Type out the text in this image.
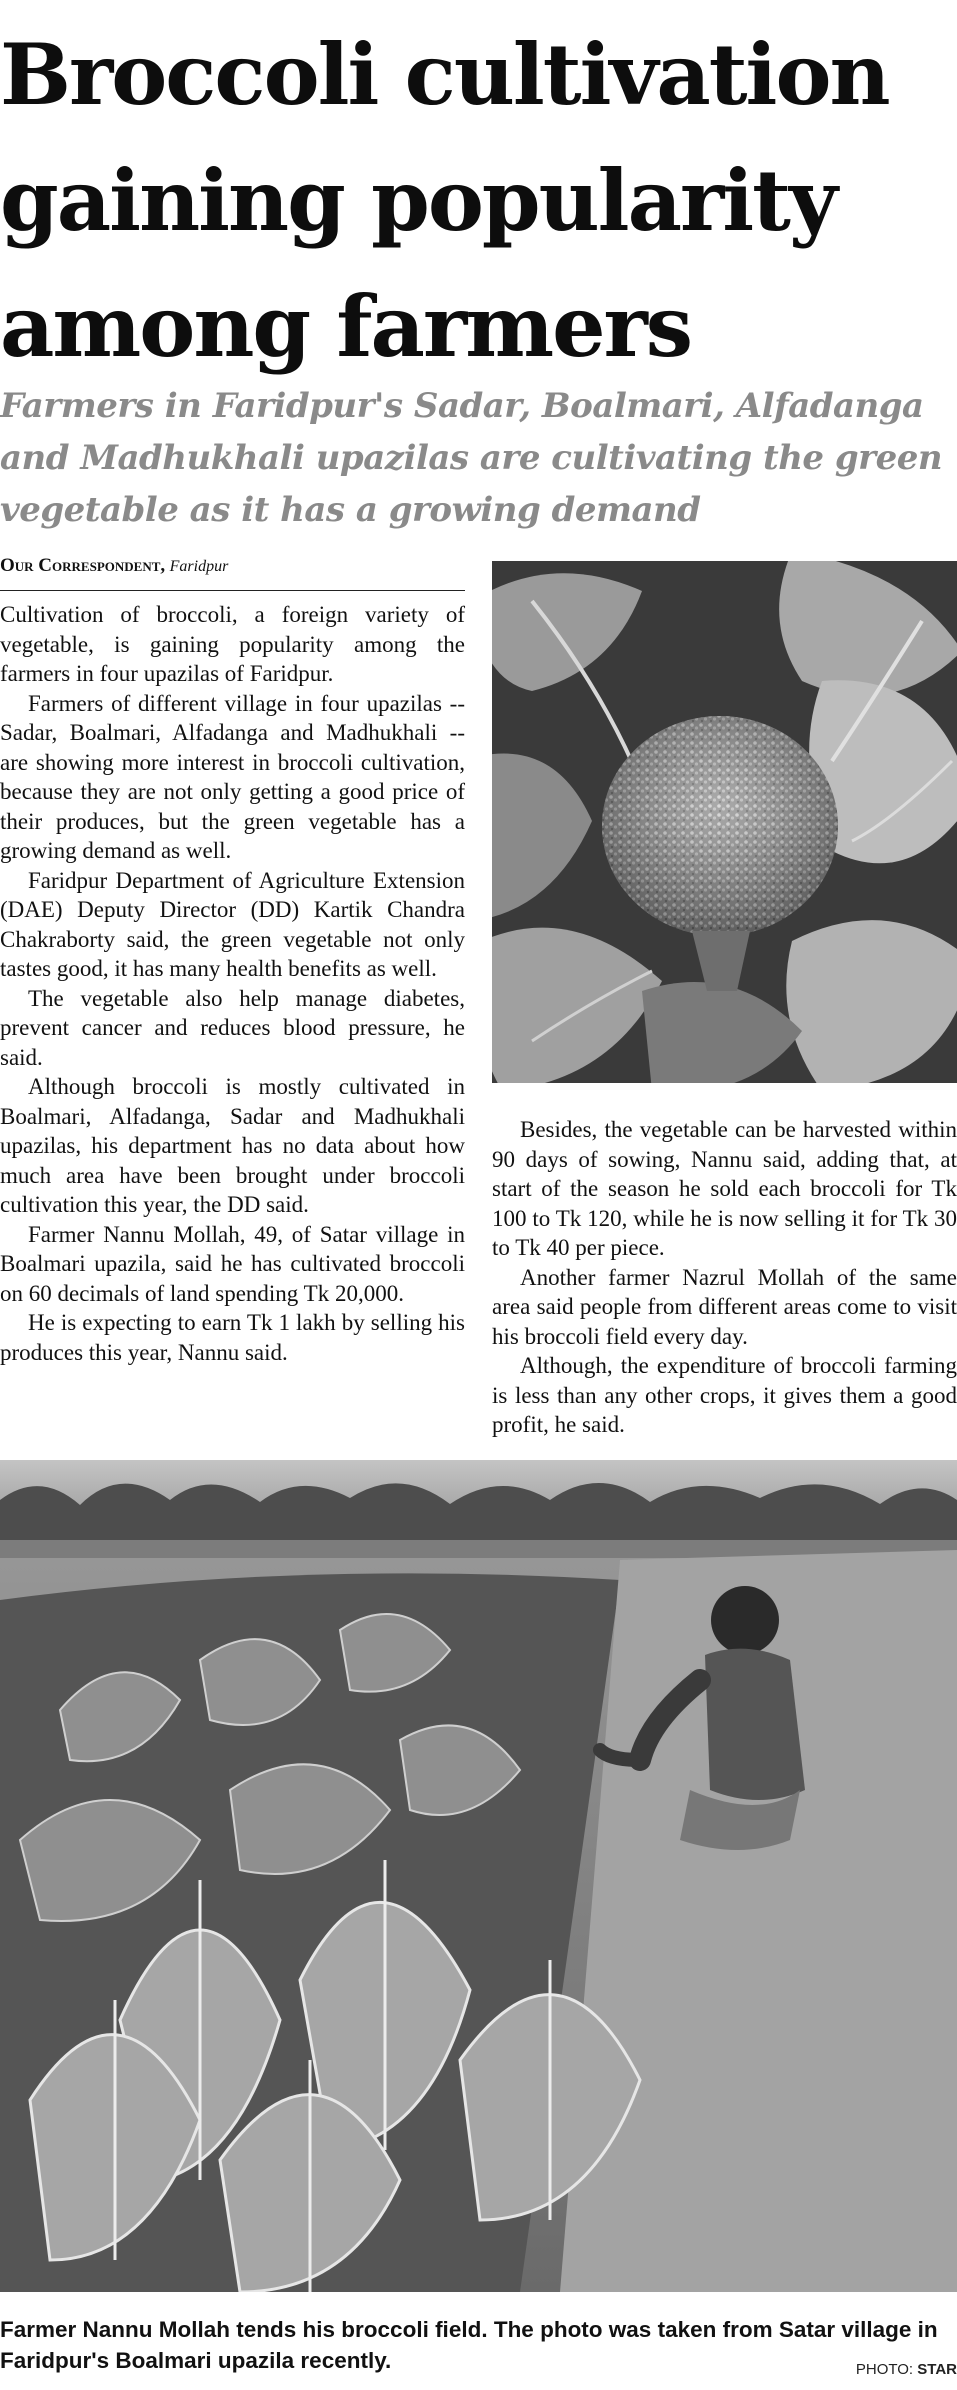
Broccoli cultivation gaining popularity among farmers
Farmers in Faridpur's Sadar, Boalmari, Alfadanga and Madhukhali upazilas are cultivating the green vegetable as it has a growing demand
Our Correspondent, Faridpur

Cultivation of broccoli, a foreign variety of vegetable, is gaining popularity among the farmers in four upazilas of Faridpur.

Farmers of different village in four upazilas -- Sadar, Boalmari, Alfadanga and Madhukhali -- are showing more interest in broccoli cultivation, because they are not only getting a good price of their produces, but the green vegetable has a growing demand as well.

Faridpur Department of Agriculture Extension (DAE) Deputy Director (DD) Kartik Chandra Chakraborty said, the green vegetable not only tastes good, it has many health benefits as well.

The vegetable also help manage diabetes, prevent cancer and reduces blood pressure, he said.

Although broccoli is mostly cultivated in Boalmari, Alfadanga, Sadar and Madhukhali upazilas, his department has no data about how much area have been brought under broccoli cultivation this year, the DD said.

Farmer Nannu Mollah, 49, of Satar village in Boalmari upazila, said he has cultivated broccoli on 60 decimals of land spending Tk 20,000.

He is expecting to earn Tk 1 lakh by selling his produces this year, Nannu said.

Besides, the vegetable can be harvested within 90 days of sowing, Nannu said, adding that, at start of the season he sold each broccoli for Tk 100 to Tk 120, while he is now selling it for Tk 30 to Tk 40 per piece.

Another farmer Nazrul Mollah of the same area said people from different areas come to visit his broccoli field every day.

Although, the expenditure of broccoli farming is less than any other crops, it gives them a good profit, he said.

Farmer Nannu Mollah tends his broccoli field. The photo was taken from Satar village in Faridpur's Boalmari upazila recently.	PHOTO: STAR
